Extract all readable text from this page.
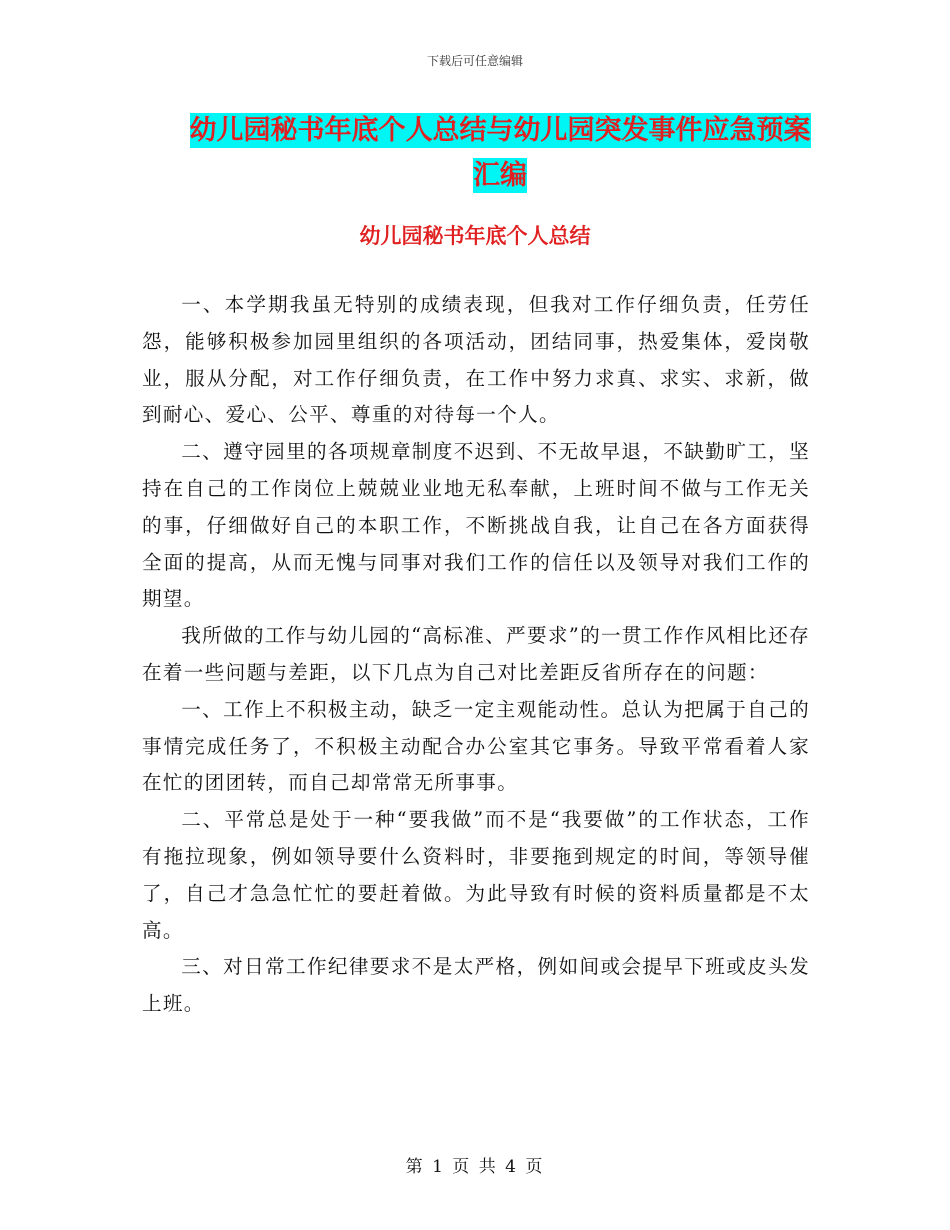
下载后可任意编辑
幼儿园秘书年底个人总结与幼儿园突发事件应急预案
汇编
幼儿园秘书年底个人总结

一、本学期我虽无特别的成绩表现，但我对工作仔细负责，任劳任怨，能够积极参加园里组织的各项活动，团结同事，热爱集体，爱岗敬业，服从分配，对工作仔细负责，在工作中努力求真、求实、求新，做到耐心、爱心、公平、尊重的对待每一个人。

二、遵守园里的各项规章制度不迟到、不无故早退，不缺勤旷工，坚持在自己的工作岗位上兢兢业业地无私奉献，上班时间不做与工作无关的事，仔细做好自己的本职工作，不断挑战自我，让自己在各方面获得全面的提高，从而无愧与同事对我们工作的信任以及领导对我们工作的期望。

我所做的工作与幼儿园的“高标准、严要求”的一贯工作作风相比还存在着一些问题与差距，以下几点为自己对比差距反省所存在的问题：

一、工作上不积极主动，缺乏一定主观能动性。总认为把属于自己的事情完成任务了，不积极主动配合办公室其它事务。导致平常看着人家在忙的团团转，而自己却常常无所事事。

二、平常总是处于一种“要我做”而不是“我要做”的工作状态，工作有拖拉现象，例如领导要什么资料时，非要拖到规定的时间，等领导催了，自己才急急忙忙的要赶着做。为此导致有时候的资料质量都是不太高。

三、对日常工作纪律要求不是太严格，例如间或会提早下班或皮头发上班。

第 1 页 共 4 页
